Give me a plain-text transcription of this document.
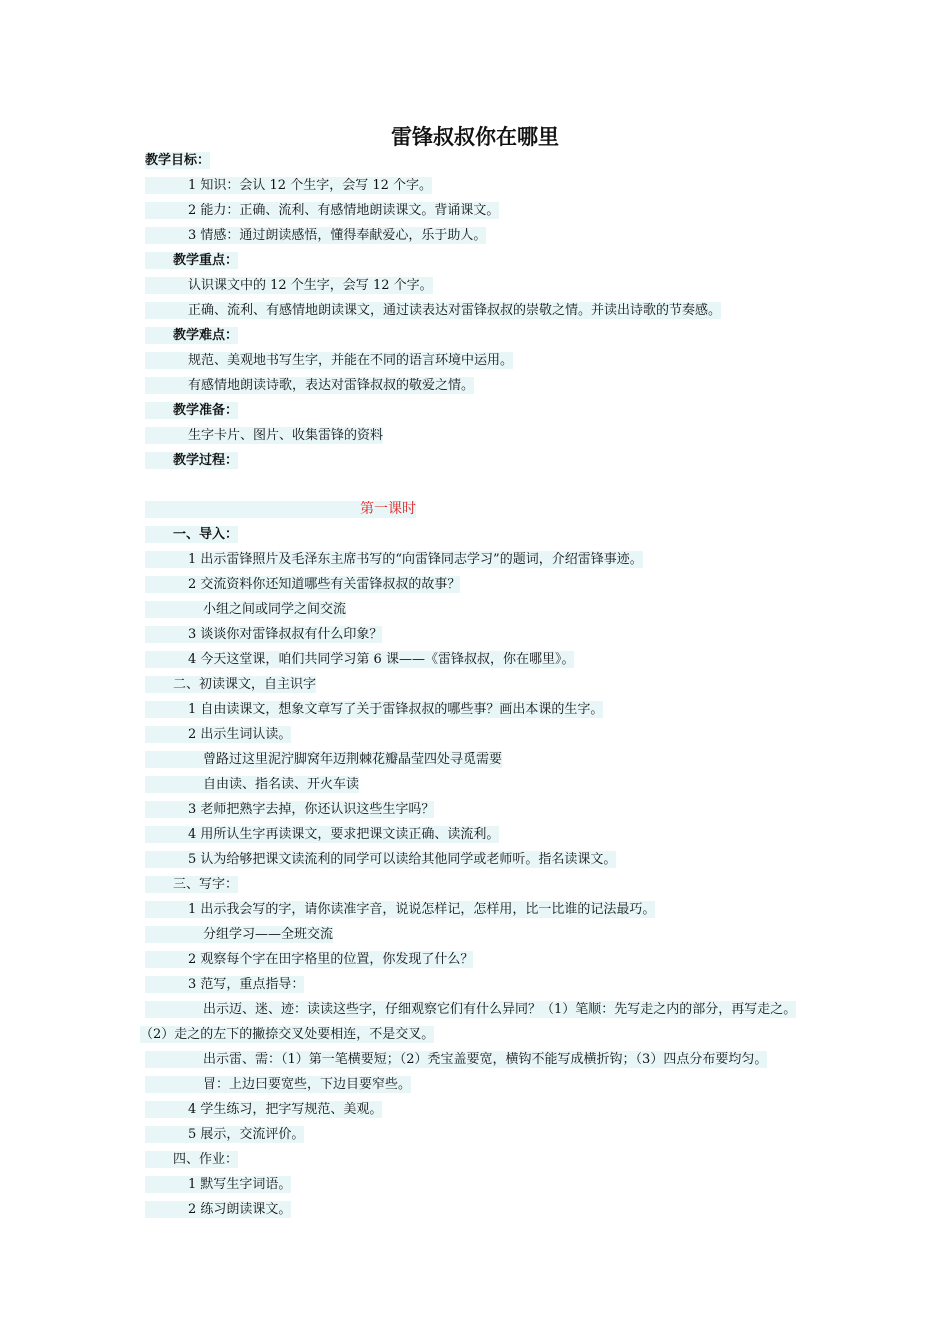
雷锋叔叔你在哪里
教学目标：
1 知识：会认 12 个生字，会写 12 个字。
2 能力：正确、流利、有感情地朗读课文。背诵课文。
3 情感：通过朗读感悟，懂得奉献爱心，乐于助人。
教学重点：
认识课文中的 12 个生字，会写 12 个字。
正确、流利、有感情地朗读课文，通过读表达对雷锋叔叔的崇敬之情。并读出诗歌的节奏感。
教学难点：
规范、美观地书写生字，并能在不同的语言环境中运用。
有感情地朗读诗歌，表达对雷锋叔叔的敬爱之情。
教学准备：
生字卡片、图片、收集雷锋的资料
教学过程：
第一课时
一、导入：
1 出示雷锋照片及毛泽东主席书写的“向雷锋同志学习”的题词，介绍雷锋事迹。
2 交流资料你还知道哪些有关雷锋叔叔的故事？
小组之间或同学之间交流
3 谈谈你对雷锋叔叔有什么印象？
4 今天这堂课，咱们共同学习第 6 课——《雷锋叔叔，你在哪里》。
二、初读课文，自主识字
1 自由读课文，想象文章写了关于雷锋叔叔的哪些事？画出本课的生字。
2 出示生词认读。
曾路过这里泥泞脚窝年迈荆棘花瓣晶莹四处寻觅需要
自由读、指名读、开火车读
3 老师把熟字去掉，你还认识这些生字吗？
4 用所认生字再读课文，要求把课文读正确、读流利。
5 认为给够把课文读流利的同学可以读给其他同学或老师听。指名读课文。
三、写字：
1 出示我会写的字，请你读准字音，说说怎样记，怎样用，比一比谁的记法最巧。
分组学习——全班交流
2 观察每个字在田字格里的位置，你发现了什么？
3 范写，重点指导：
出示迈、迷、迹：读读这些字，仔细观察它们有什么异同？（1）笔顺：先写走之内的部分，再写走之。
（2）走之的左下的撇捺交叉处要相连，不是交叉。
出示雷、需：（1）第一笔横要短；（2）秃宝盖要宽，横钩不能写成横折钩；（3）四点分布要均匀。
冒：上边曰要宽些，下边目要窄些。
4 学生练习，把字写规范、美观。
5 展示，交流评价。
四、作业：
1 默写生字词语。
2 练习朗读课文。
